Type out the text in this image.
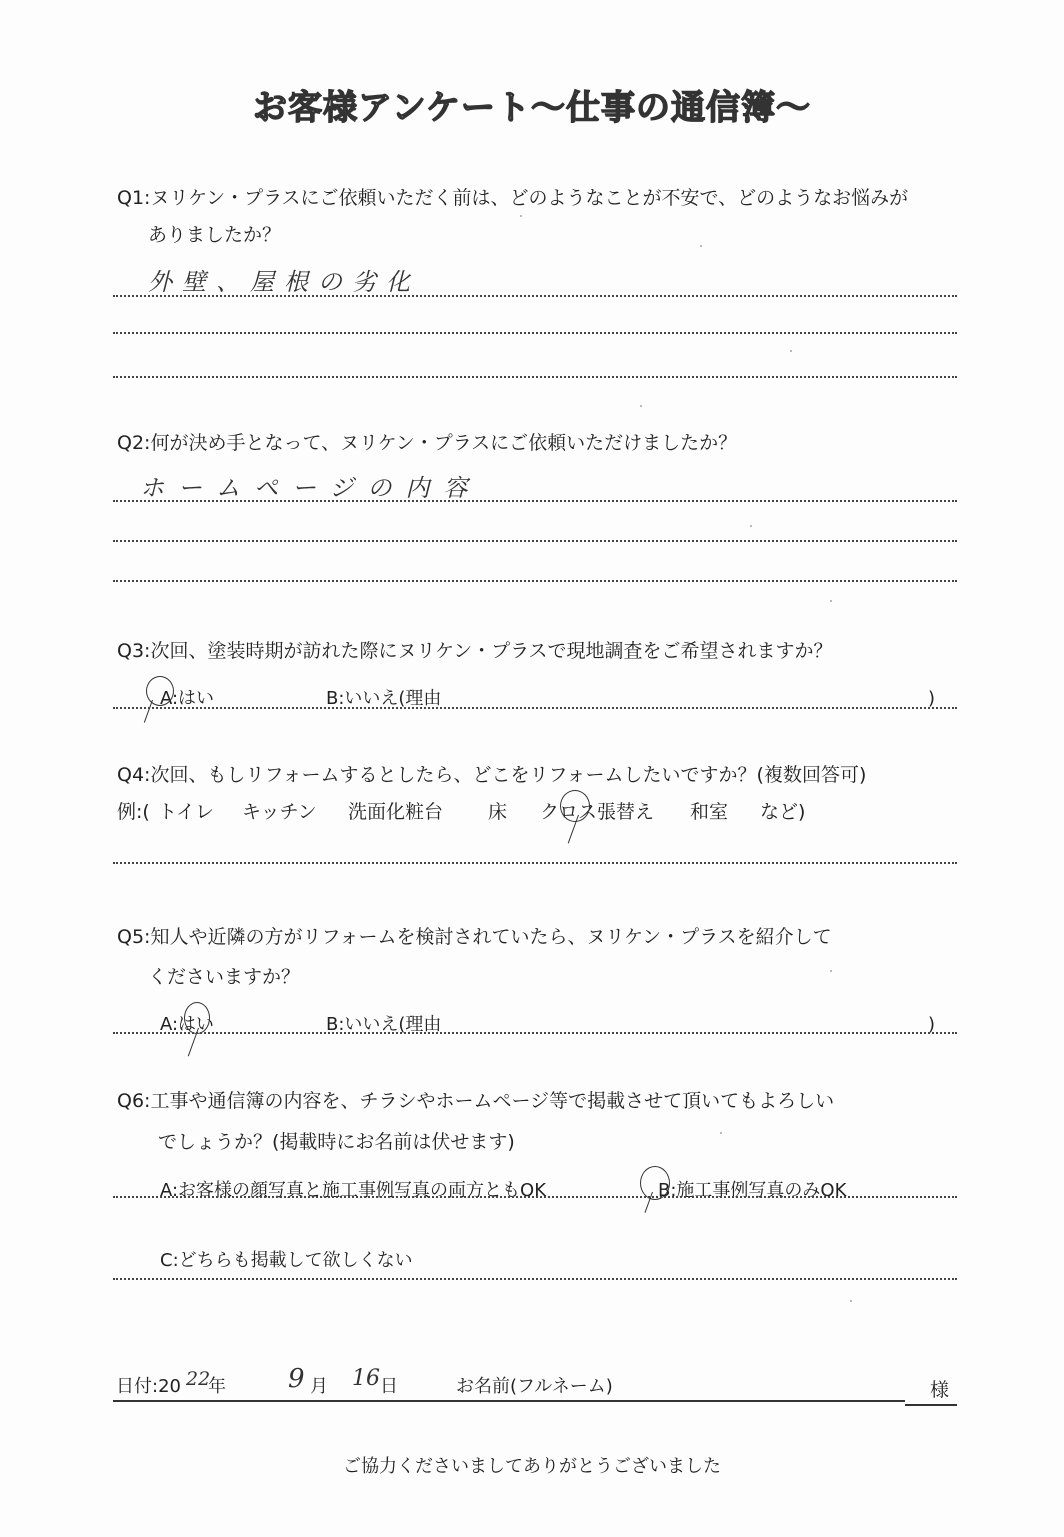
お客様アンケート～仕事の通信簿～
Q1:ヌリケン・プラスにご依頼いただく前は、どのようなことが不安で、どのようなお悩みが
ありましたか？
外壁、屋根の劣化
Q2:何が決め手となって、ヌリケン・プラスにご依頼いただけましたか？
ホームページの内容
Q3:次回、塗装時期が訪れた際にヌリケン・プラスで現地調査をご希望されますか？
A:はい	B:いいえ(理由	)
Q4:次回、もしリフォームするとしたら、どこをリフォームしたいですか？(複数回答可)
例:( トイレ キッチン 洗面化粧台 床 クロス張替え 和室 など)
Q5:知人や近隣の方がリフォームを検討されていたら、ヌリケン・プラスを紹介して
くださいますか？
A:はい	B:いいえ(理由	)
Q6:工事や通信簿の内容を、チラシやホームページ等で掲載させて頂いてもよろしい
でしょうか？(掲載時にお名前は伏せます)
A:お客様の顔写真と施工事例写真の両方ともOK	B:施工事例写真のみOK
C:どちらも掲載して欲しくない
日付:20 22
年 9 月 16 日	お名前(フルネーム)	様
ご協力くださいましてありがとうございました
